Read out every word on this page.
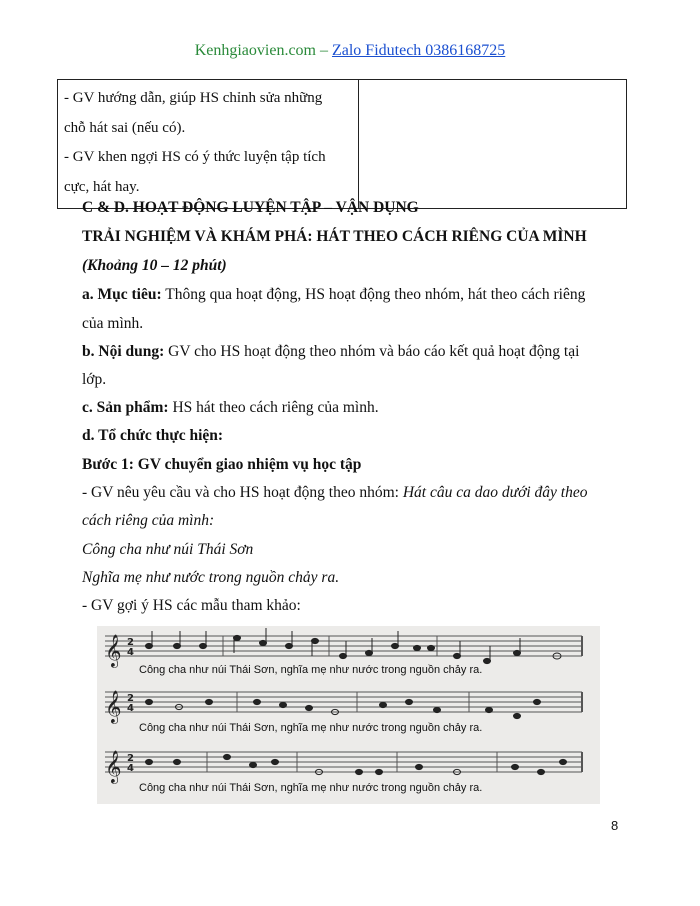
Kenhgiaovien.com – Zalo Fidutech 0386168725
- GV hướng dẫn, giúp HS chỉnh sửa những
chỗ hát sai (nếu có).
- GV khen ngợi HS có ý thức luyện tập tích
cực, hát hay.

C & D. HOẠT ĐỘNG LUYỆN TẬP – VẬN DỤNG
TRẢI NGHIỆM VÀ KHÁM PHÁ: HÁT THEO CÁCH RIÊNG CỦA MÌNH
(Khoảng 10 – 12 phút)
a. Mục tiêu: Thông qua hoạt động, HS hoạt động theo nhóm, hát theo cách riêng
của mình.
b. Nội dung: GV cho HS hoạt động theo nhóm và báo cáo kết quả hoạt động tại
lớp.
c. Sản phẩm: HS hát theo cách riêng của mình.
d. Tổ chức thực hiện:
Bước 1: GV chuyển giao nhiệm vụ học tập
- GV nêu yêu cầu và cho HS hoạt động theo nhóm: Hát câu ca dao dưới đây theo
cách riêng của mình:
Công cha như núi Thái Sơn
Nghĩa mẹ như nước trong nguồn chảy ra.
- GV gợi ý HS các mẫu tham khảo:
𝄞
𝄞
𝄞
2
4
2
4
2
4
Công cha như núi Thái Sơn, nghĩa mẹ như nước trong nguồn chảy ra.
Công cha như núi Thái Sơn, nghĩa mẹ như nước trong nguồn chảy ra.
Công cha như núi Thái Sơn, nghĩa mẹ như nước trong nguồn chảy ra.
8
